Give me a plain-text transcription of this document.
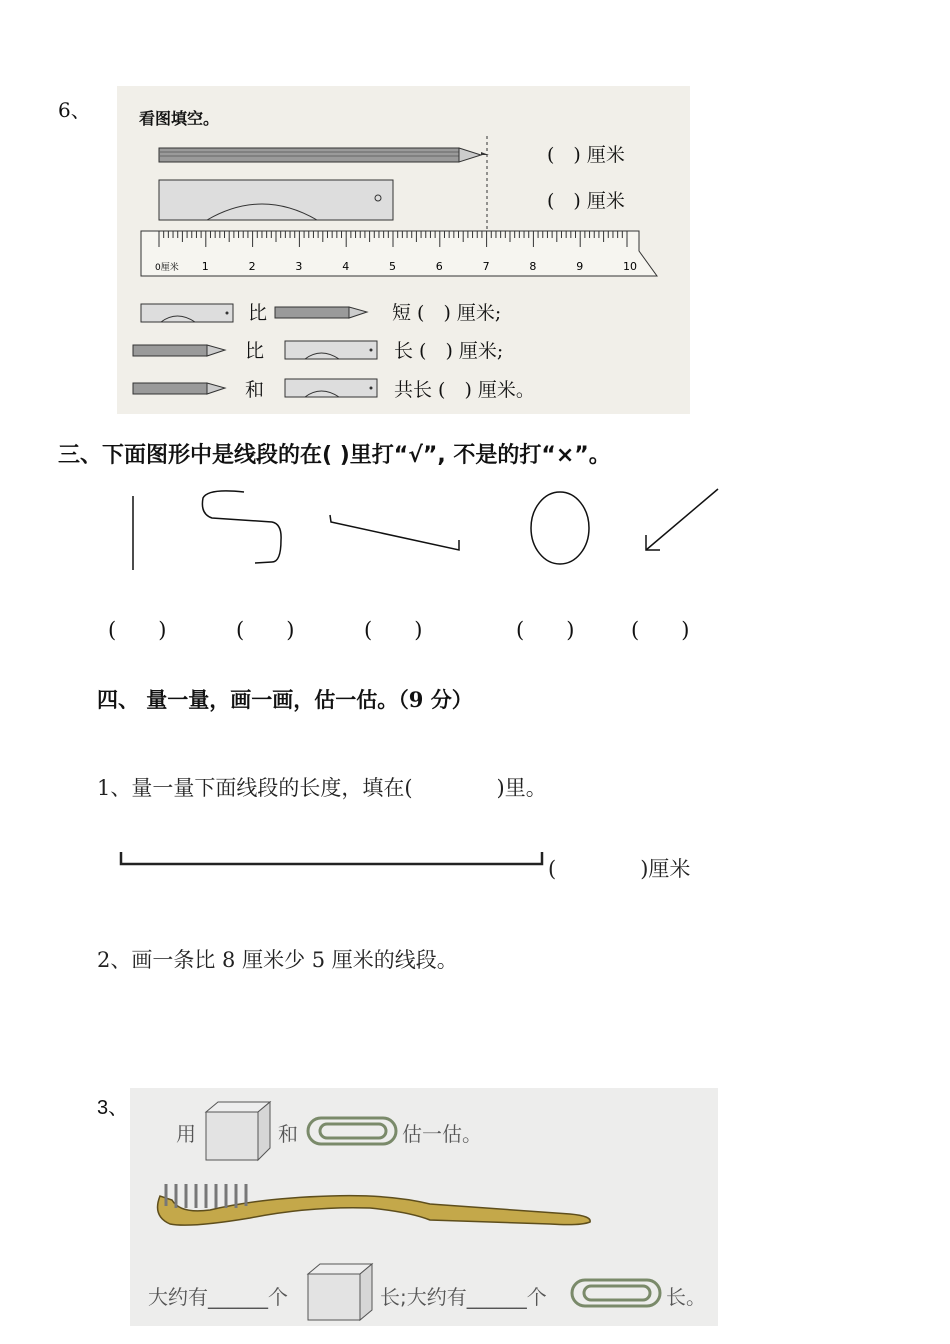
6、	看图填空。
(　) 厘米
(　) 厘米
1	2	3	4	5	6	7	8	9	10
0厘米
比	短 (　) 厘米;
比	长 (　) 厘米;
和	共长 (　) 厘米。
三、下面图形中是线段的在( )里打“√”, 不是的打“×”。
(　　)	(　　)	(　　)	(　　)	(　　)
四、 量一量，画一画，估一估。（9 分）
1、量一量下面线段的长度，填在(　　　　)里。
(　　　　)厘米
2、画一条比 8 厘米少 5 厘米的线段。
3、
用	和	估一估。
大约有______个	长;大约有______个	长。
